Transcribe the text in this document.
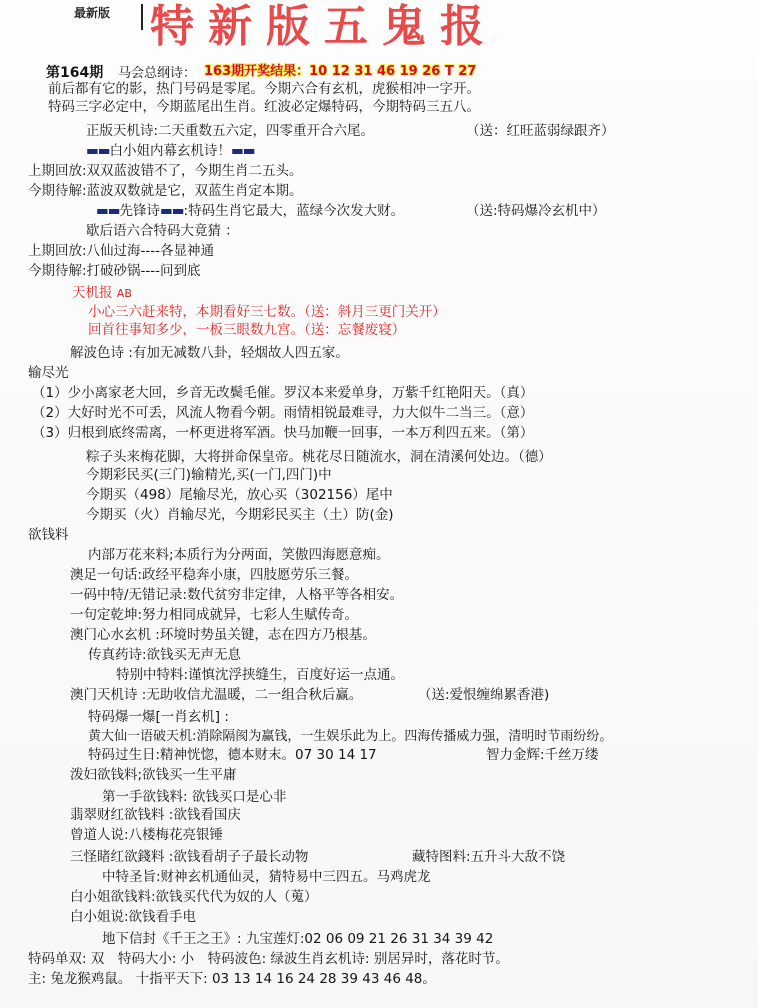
最新版 特新版五鬼报
第164期 马会总纲诗： 163期开奖结果：10 12 31 46 19 26 T 27
前后都有它的影，热门号码是零尾。今期六合有玄机，虎猴相冲一字开。
特码三字必定中，今期蓝尾出生肖。红波必定爆特码，今期特码三五八。
正版天机诗:二天重数五六定，四零重开合六尾。	（送：红旺蓝弱绿跟齐）
▬▬白小姐内幕玄机诗！▬▬
上期回放:双双蓝波错不了，今期生肖二五头。
今期待解:蓝波双数就是它，双蓝生肖定本期。
▬▬先锋诗▬▬:特码生肖它最大，蓝绿今次发大财。	（送:特码爆冷玄机中）
歇后语六合特码大竟猜 ：
上期回放:八仙过海----各显神通
今期待解:打破砂锅----问到底
天机报 AB
小心三六赶来特，本期看好三七数。（送：斜月三更门关开）
回首往事知多少，一板三眼数九宫。（送：忘餐废寝）
解波色诗 :有加无减数八卦，轻烟故人四五家。
输尽光
（1）少小离家老大回，乡音无改鬓毛催。罗汉本来爱单身，万紫千红艳阳天。（真）
（2）大好时光不可丢，风流人物看今朝。雨情相锐最难寻，力大似牛二当三。（意）
（3）归根到底终需离，一杯更进将军酒。快马加鞭一回事，一本万利四五来。（第）
粽子头来梅花脚，大将拼命保皇帝。桃花尽日随流水，洞在清溪何处边。（德）
今期彩民买(三门)输精光,买(一门,四门)中
今期买（498）尾输尽光，放心买（302156）尾中
今期买（火）肖输尽光，今期彩民买主（土）防(金)
欲钱料
内部万花来料;本质行为分两面，笑傲四海愿意痴。
澳足一句话:政经平稳奔小康，四肢愿劳乐三餐。
一码中特/无错记录:数代贫穷非定律，人格平等各相安。
一句定乾坤:努力相同成就异，七彩人生赋传奇。
澳门心水玄机 :环境时势虽关键，志在四方乃根基。
传真药诗:欲钱买无声无息
特别中特料:谨慎沈浮挟缝生，百度好运一点通。
澳门天机诗 :无助收信尤温暖，二一组合秋后赢。	（送:爱恨缠绵累香港)
特码爆一爆[一肖玄机] :
黄大仙一语破天机:消除隔阂为赢钱，一生娱乐此为上。四海传播威力强，清明时节雨纷纷。
特码过生日:精神恍惚，德本财末。07 30 14 17	智力金辉:千丝万缕
泼妇欲钱料;欲钱买一生平庸
第一手欲钱料: 欲钱买口是心非
翡翠财红欲钱料 :欲钱看国庆
曾道人说:八楼梅花亮银锤
三怪睹红欲錢料 :欲钱看胡子子最长动物	藏特图料:五升斗大敌不饶
中特圣旨:财神玄机通仙灵，猜特易中三四五。马鸡虎龙
白小姐欲钱料:欲钱买代代为奴的人（蒐）
白小姐说:欲钱看手电
地下信封《千王之王》: 九宝莲灯:02 06 09 21 26 31 34 39 42
特码单双: 双　特码大小: 小　特码波色: 绿波生肖玄机诗: 别居异时，落花时节。
主: 兔龙猴鸡鼠。 十指平天下: 03 13 14 16 24 28 39 43 46 48。
